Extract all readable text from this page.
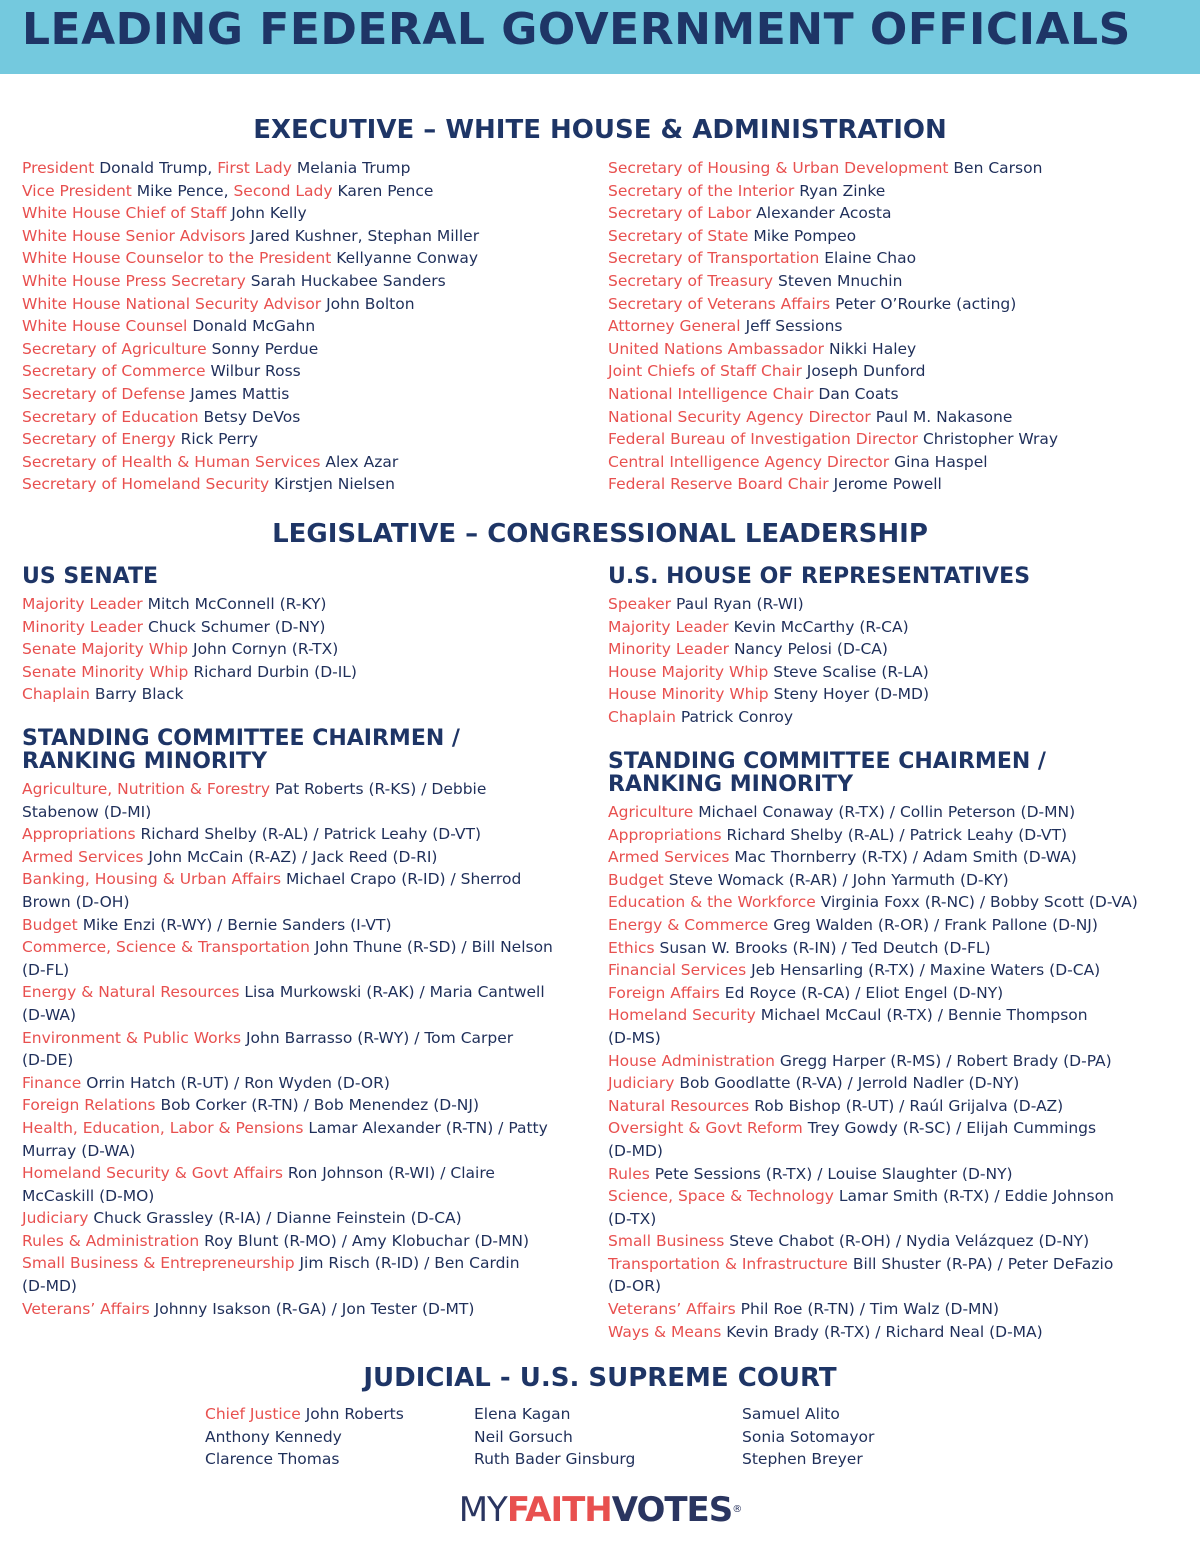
LEADING FEDERAL GOVERNMENT OFFICIALS
EXECUTIVE – WHITE HOUSE & ADMINISTRATION
President Donald Trump, First Lady Melania Trump
Vice President Mike Pence, Second Lady Karen Pence
White House Chief of Staff John Kelly
White House Senior Advisors Jared Kushner, Stephan Miller
White House Counselor to the President Kellyanne Conway
White House Press Secretary Sarah Huckabee Sanders
White House National Security Advisor John Bolton
White House Counsel Donald McGahn
Secretary of Agriculture Sonny Perdue
Secretary of Commerce Wilbur Ross
Secretary of Defense James Mattis
Secretary of Education Betsy DeVos
Secretary of Energy Rick Perry
Secretary of Health & Human Services Alex Azar
Secretary of Homeland Security Kirstjen Nielsen
Secretary of Housing & Urban Development Ben Carson
Secretary of the Interior Ryan Zinke
Secretary of Labor Alexander Acosta
Secretary of State Mike Pompeo
Secretary of Transportation Elaine Chao
Secretary of Treasury Steven Mnuchin
Secretary of Veterans Affairs Peter O’Rourke (acting)
Attorney General Jeff Sessions
United Nations Ambassador Nikki Haley
Joint Chiefs of Staff Chair Joseph Dunford
National Intelligence Chair Dan Coats
National Security Agency Director Paul M. Nakasone
Federal Bureau of Investigation Director Christopher Wray
Central Intelligence Agency Director Gina Haspel
Federal Reserve Board Chair Jerome Powell
LEGISLATIVE – CONGRESSIONAL LEADERSHIP
US SENATE
Majority Leader Mitch McConnell (R-KY)
Minority Leader Chuck Schumer (D-NY)
Senate Majority Whip John Cornyn (R-TX)
Senate Minority Whip Richard Durbin (D-IL)
Chaplain Barry Black
U.S. HOUSE OF REPRESENTATIVES
Speaker Paul Ryan (R-WI)
Majority Leader Kevin McCarthy (R-CA)
Minority Leader Nancy Pelosi (D-CA)
House Majority Whip Steve Scalise (R-LA)
House Minority Whip Steny Hoyer (D-MD)
Chaplain Patrick Conroy
STANDING COMMITTEE CHAIRMEN /
RANKING MINORITY
Agriculture, Nutrition & Forestry Pat Roberts (R-KS) / Debbie
Stabenow (D-MI)
Appropriations Richard Shelby (R-AL) / Patrick Leahy (D-VT)
Armed Services John McCain (R-AZ) / Jack Reed (D-RI)
Banking, Housing & Urban Affairs Michael Crapo (R-ID) / Sherrod
Brown (D-OH)
Budget Mike Enzi (R-WY) / Bernie Sanders (I-VT)
Commerce, Science & Transportation John Thune (R-SD) / Bill Nelson
(D-FL)
Energy & Natural Resources Lisa Murkowski (R-AK) / Maria Cantwell
(D-WA)
Environment & Public Works John Barrasso (R-WY) / Tom Carper
(D-DE)
Finance Orrin Hatch (R-UT) / Ron Wyden (D-OR)
Foreign Relations Bob Corker (R-TN) / Bob Menendez (D-NJ)
Health, Education, Labor & Pensions Lamar Alexander (R-TN) / Patty
Murray (D-WA)
Homeland Security & Govt Affairs Ron Johnson (R-WI) / Claire
McCaskill (D-MO)
Judiciary Chuck Grassley (R-IA) / Dianne Feinstein (D-CA)
Rules & Administration Roy Blunt (R-MO) / Amy Klobuchar (D-MN)
Small Business & Entrepreneurship Jim Risch (R-ID) / Ben Cardin
(D-MD)
Veterans’ Affairs Johnny Isakson (R-GA) / Jon Tester (D-MT)
STANDING COMMITTEE CHAIRMEN /
RANKING MINORITY
Agriculture Michael Conaway (R-TX) / Collin Peterson (D-MN)
Appropriations Richard Shelby (R-AL) / Patrick Leahy (D-VT)
Armed Services Mac Thornberry (R-TX) / Adam Smith (D-WA)
Budget Steve Womack (R-AR) / John Yarmuth (D-KY)
Education & the Workforce Virginia Foxx (R-NC) / Bobby Scott (D-VA)
Energy & Commerce Greg Walden (R-OR) / Frank Pallone (D-NJ)
Ethics Susan W. Brooks (R-IN) / Ted Deutch (D-FL)
Financial Services Jeb Hensarling (R-TX) / Maxine Waters (D-CA)
Foreign Affairs Ed Royce (R-CA) / Eliot Engel (D-NY)
Homeland Security Michael McCaul (R-TX) / Bennie Thompson
(D-MS)
House Administration Gregg Harper (R-MS) / Robert Brady (D-PA)
Judiciary Bob Goodlatte (R-VA) / Jerrold Nadler (D-NY)
Natural Resources Rob Bishop (R-UT) / Raúl Grijalva (D-AZ)
Oversight & Govt Reform Trey Gowdy (R-SC) / Elijah Cummings
(D-MD)
Rules Pete Sessions (R-TX) / Louise Slaughter (D-NY)
Science, Space & Technology Lamar Smith (R-TX) / Eddie Johnson
(D-TX)
Small Business Steve Chabot (R-OH) / Nydia Velázquez (D-NY)
Transportation & Infrastructure Bill Shuster (R-PA) / Peter DeFazio
(D-OR)
Veterans’ Affairs Phil Roe (R-TN) / Tim Walz (D-MN)
Ways & Means Kevin Brady (R-TX) / Richard Neal (D-MA)
JUDICIAL - U.S. SUPREME COURT
Chief Justice John Roberts
Anthony Kennedy
Clarence Thomas
Elena Kagan
Neil Gorsuch
Ruth Bader Ginsburg
Samuel Alito
Sonia Sotomayor
Stephen Breyer
MYFAITHVOTES®
